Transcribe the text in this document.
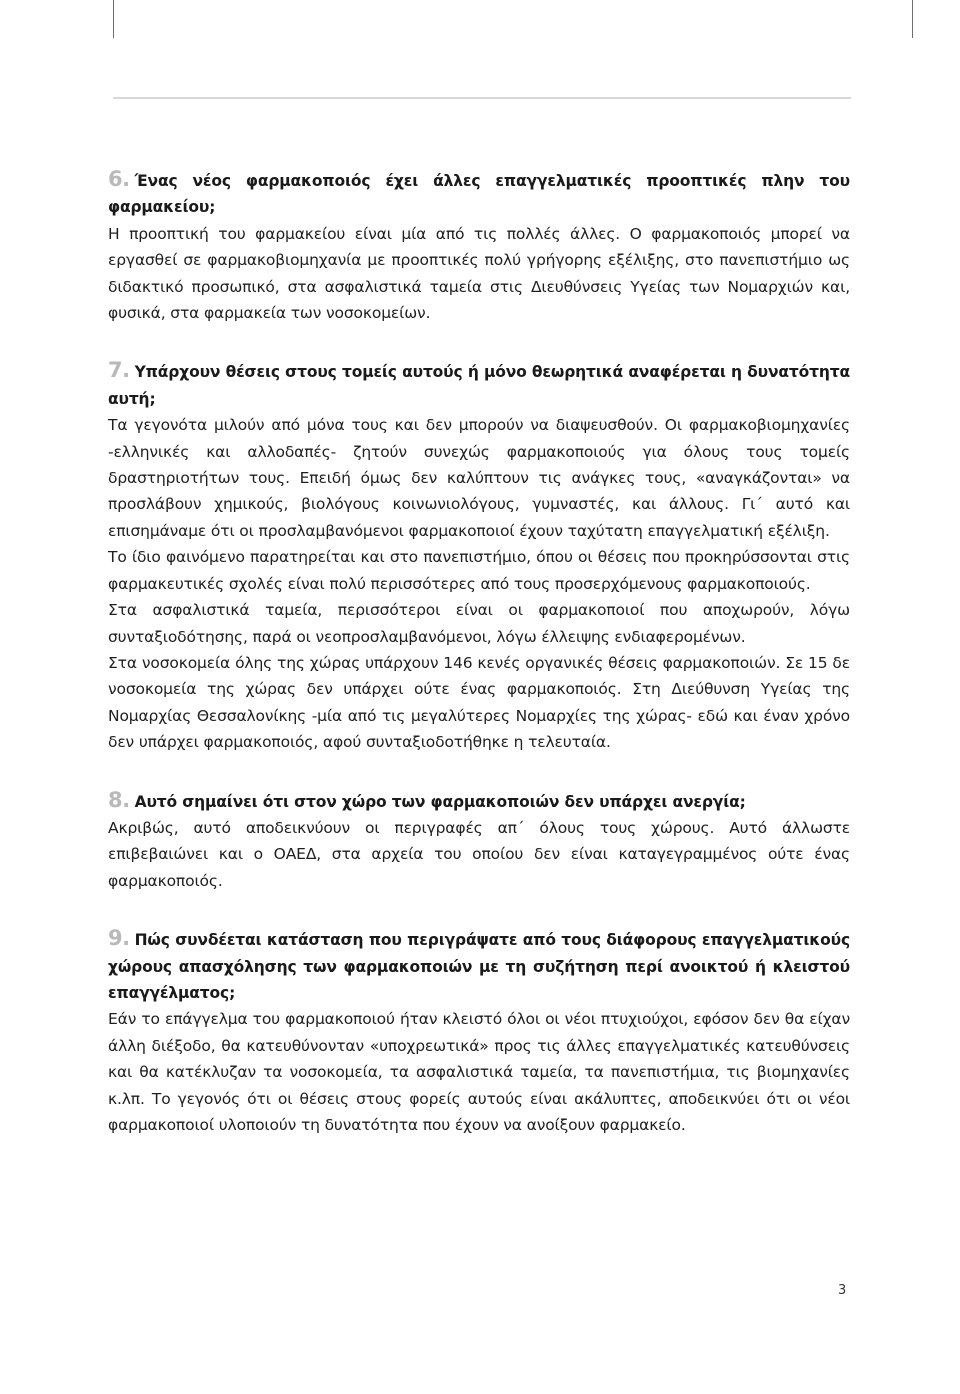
6. Ένας νέος φαρμακοποιός έχει άλλες επαγγελματικές προοπτικές πλην του φαρμακείου;

Η προοπτική του φαρμακείου είναι μία από τις πολλές άλλες. Ο φαρμακοποιός μπορεί να εργασθεί σε φαρμακοβιομηχανία με προοπτικές πολύ γρήγορης εξέλιξης, στο πανεπιστήμιο ως διδακτικό προσωπικό, στα ασφαλιστικά ταμεία στις Διευθύνσεις Υγείας των Νομαρχιών και, φυσικά, στα φαρμακεία των νοσοκομείων.

7. Υπάρχουν θέσεις στους τομείς αυτούς ή μόνο θεωρητικά αναφέρεται η δυνατότητα αυτή;

Τα γεγονότα μιλούν από μόνα τους και δεν μπορούν να διαψευσθούν. Οι φαρμακοβιομηχανίες -ελληνικές και αλλοδαπές- ζητούν συνεχώς φαρμακοποιούς για όλους τους τομείς δραστηριοτήτων τους. Επειδή όμως δεν καλύπτουν τις ανάγκες τους, «αναγκάζονται» να προσλάβουν χημικούς, βιολόγους κοινωνιολόγους, γυμναστές, και άλλους. Γι΄ αυτό και επισημάναμε ότι οι προσλαμβανόμενοι φαρμακοποιοί έχουν ταχύτατη επαγγελματική εξέλιξη.

Το ίδιο φαινόμενο παρατηρείται και στο πανεπιστήμιο, όπου οι θέσεις που προκηρύσσονται στις φαρμακευτικές σχολές είναι πολύ περισσότερες από τους προσερχόμενους φαρμακοποιούς.

Στα ασφαλιστικά ταμεία, περισσότεροι είναι οι φαρμακοποιοί που αποχωρούν, λόγω συνταξιοδότησης, παρά οι νεοπροσλαμβανόμενοι, λόγω έλλειψης ενδιαφερομένων.

Στα νοσοκομεία όλης της χώρας υπάρχουν 146 κενές οργανικές θέσεις φαρμακοποιών. Σε 15 δε νοσοκομεία της χώρας δεν υπάρχει ούτε ένας φαρμακοποιός. Στη Διεύθυνση Υγείας της Νομαρχίας Θεσσαλονίκης -μία από τις μεγαλύτερες Νομαρχίες της χώρας- εδώ και έναν χρόνο δεν υπάρχει φαρμακοποιός, αφού συνταξιοδοτήθηκε η τελευταία.

8. Αυτό σημαίνει ότι στον χώρο των φαρμακοποιών δεν υπάρχει ανεργία;

Ακριβώς, αυτό αποδεικνύουν οι περιγραφές απ΄ όλους τους χώρους. Αυτό άλλωστε επιβεβαιώνει και ο ΟΑΕΔ, στα αρχεία του οποίου δεν είναι καταγεγραμμένος ούτε ένας φαρμακοποιός.

9. Πώς συνδέεται κατάσταση που περιγράψατε από τους διάφορους επαγγελματικούς χώρους απασχόλησης των φαρμακοποιών με τη συζήτηση περί ανοικτού ή κλειστού επαγγέλματος;

Εάν το επάγγελμα του φαρμακοποιού ήταν κλειστό όλοι οι νέοι πτυχιούχοι, εφόσον δεν θα είχαν άλλη διέξοδο, θα κατευθύνονταν «υποχρεωτικά» προς τις άλλες επαγγελματικές κατευθύνσεις και θα κατέκλυζαν τα νοσοκομεία, τα ασφαλιστικά ταμεία, τα πανεπιστήμια, τις βιομηχανίες κ.λπ. Το γεγονός ότι οι θέσεις στους φορείς αυτούς είναι ακάλυπτες, αποδεικνύει ότι οι νέοι φαρμακοποιοί υλοποιούν τη δυνατότητα που έχουν να ανοίξουν φαρμακείο.

3
